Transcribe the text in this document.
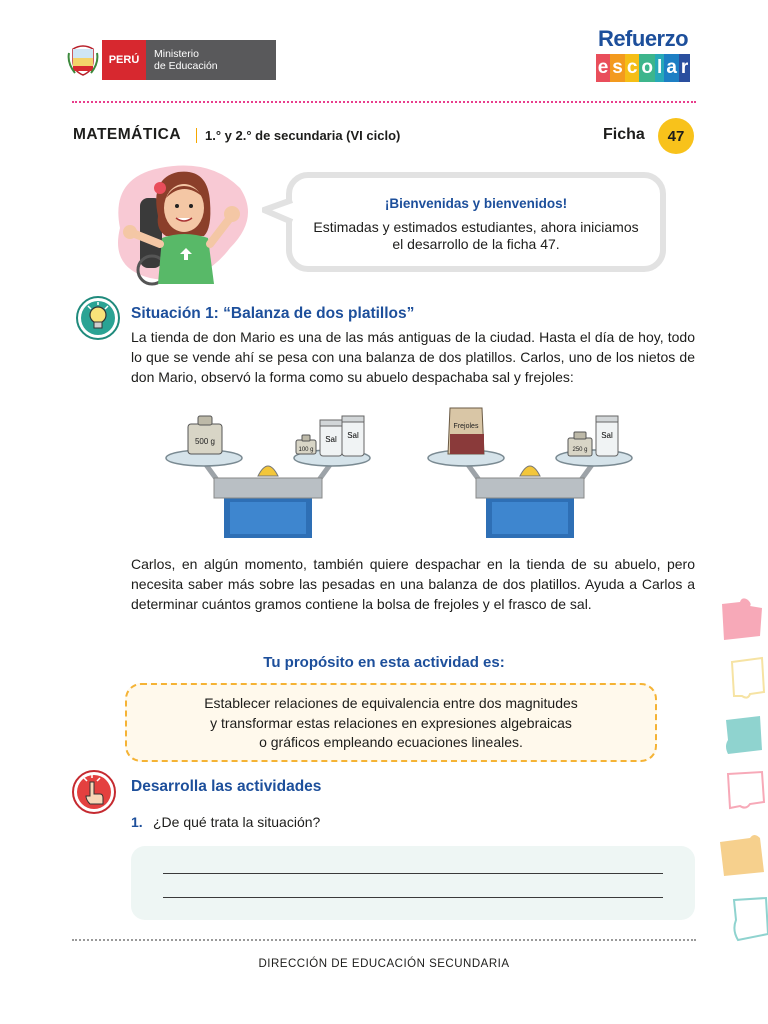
PERÚ	Ministerio
de Educación
Refuerzo
e s c o l a r
MATEMÁTICA	1.° y 2.° de secundaria (VI ciclo)	Ficha	47
¡Bienvenidas y bienvenidos!
Estimadas y estimados estudiantes, ahora iniciamos el desarrollo de la ficha 47.
Situación 1: “Balanza de dos platillos”
La tienda de don Mario es una de las más antiguas de la ciudad. Hasta el día de hoy, todo lo que se vende ahí se pesa con una balanza de dos platillos. Carlos, uno de los nietos de don Mario, observó la forma como su abuelo despachaba sal y frejoles:
500 g
100 g
Sal Sal
Frejoles
250 g
Sal
Carlos, en algún momento, también quiere despachar en la tienda de su abuelo, pero necesita saber más sobre las pesadas en una balanza de dos platillos. Ayuda a Carlos a determinar cuántos gramos contiene la bolsa de frejoles y el frasco de sal.
Tu propósito en esta actividad es:
Establecer relaciones de equivalencia entre dos magnitudes
y transformar estas relaciones en expresiones algebraicas
o gráficos empleando ecuaciones lineales.
Desarrolla las actividades
1. ¿De qué trata la situación?
DIRECCIÓN DE EDUCACIÓN SECUNDARIA
